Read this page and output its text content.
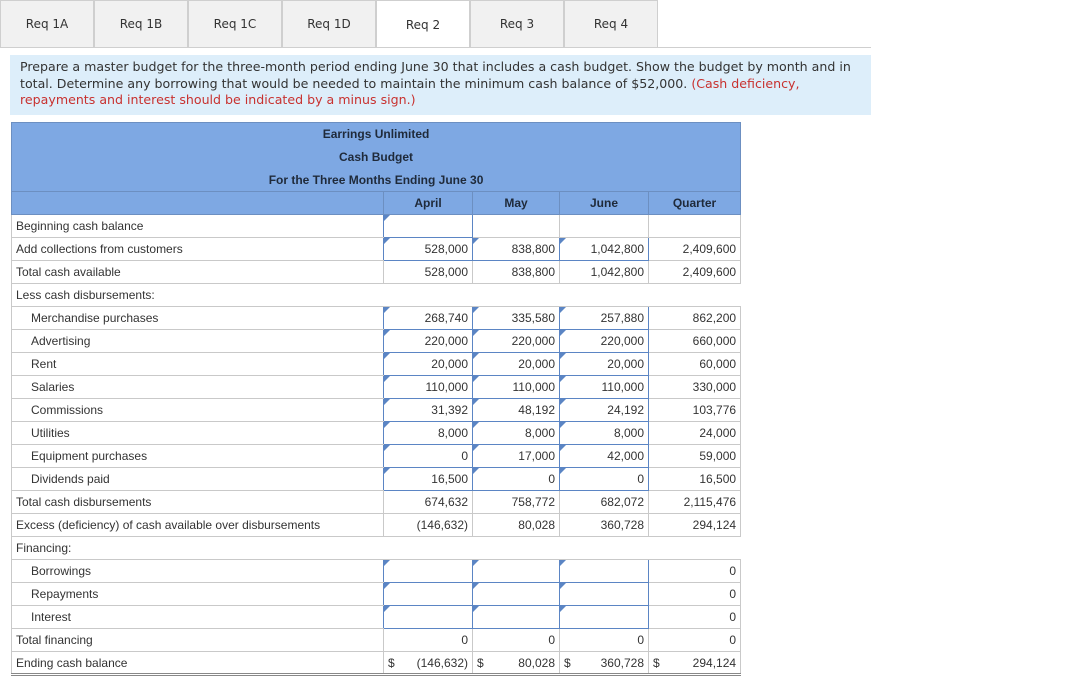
Req 1A	Req 1B	Req 1C	Req 1D	Req 2	Req 3	Req 4
Prepare a master budget for the three-month period ending June 30 that includes a cash budget. Show the budget by month and in total. Determine any borrowing that would be needed to maintain the minimum cash balance of $52,000. (Cash deficiency, repayments and interest should be indicated by a minus sign.)
Earrings Unlimited				
Cash Budget				
For the Three Months Ending June 30				
	April	May	June	Quarter
Beginning cash balance				
Add collections from customers	528,000	838,800	1,042,800	2,409,600
Total cash available	528,000	838,800	1,042,800	2,409,600
Less cash disbursements:				
Merchandise purchases	268,740	335,580	257,880	862,200
Advertising	220,000	220,000	220,000	660,000
Rent	20,000	20,000	20,000	60,000
Salaries	110,000	110,000	110,000	330,000
Commissions	31,392	48,192	24,192	103,776
Utilities	8,000	8,000	8,000	24,000
Equipment purchases	0	17,000	42,000	59,000
Dividends paid	16,500	0	0	16,500
Total cash disbursements	674,632	758,772	682,072	2,115,476
Excess (deficiency) of cash available over disbursements	(146,632)	80,028	360,728	294,124
Financing:				
Borrowings				0
Repayments				0
Interest				0
Total financing	0	0	0	0
Ending cash balance	$ (146,632)	$ 80,028	$ 360,728	$ 294,124
